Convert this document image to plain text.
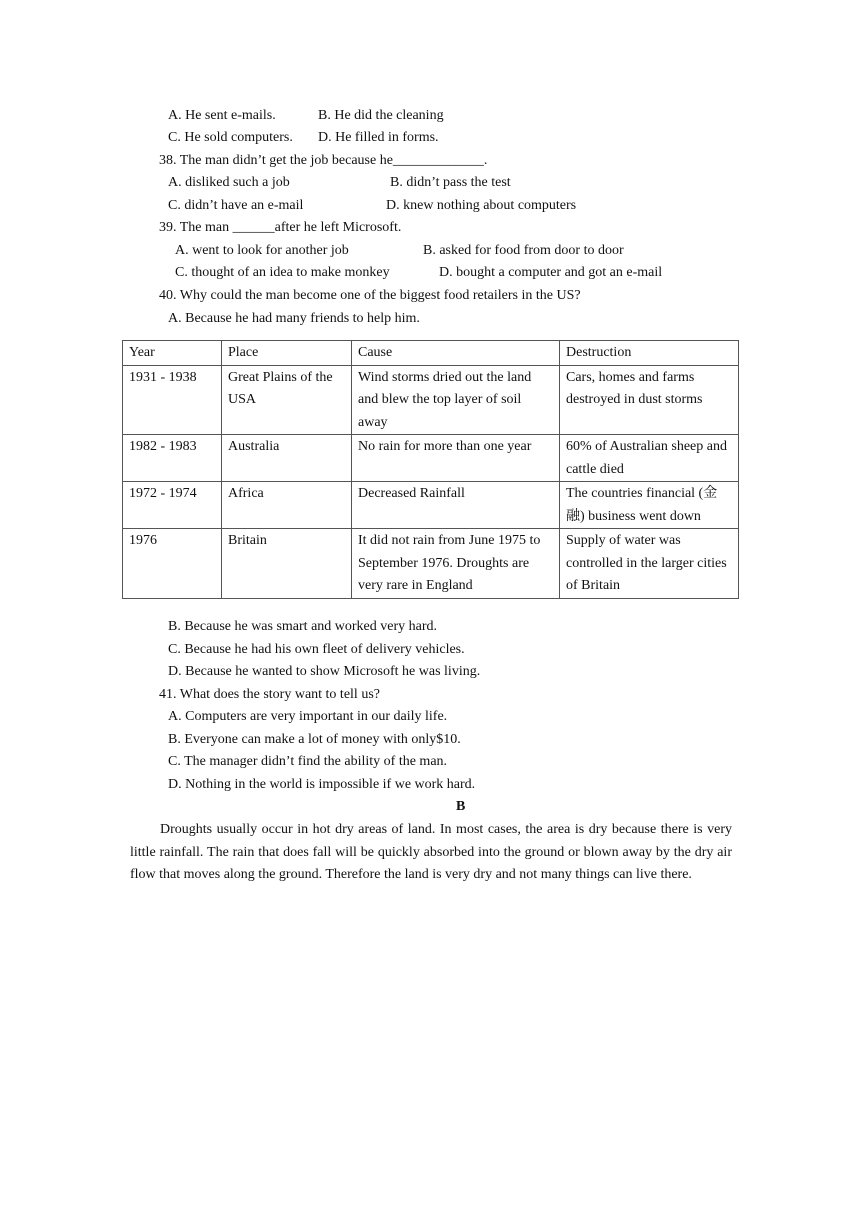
A. He sent e-mails.	B. He did the cleaning
C. He sold computers. D. He filled in forms.
38. The man didn’t get the job because he_____________.
A. disliked such a job	B. didn’t pass the test
C. didn’t have an e-mail	D. knew nothing about computers
39. The man ______after he left Microsoft.
A. went to look for another job	B. asked for food from door to door
C. thought of an idea to make monkey	D. bought a computer and got an e-mail
40. Why could the man become one of the biggest food retailers in the US?
A. Because he had many friends to help him.
Year	Place	Cause	Destruction
1931 - 1938	Great Plains of the USA	Wind storms dried out the land and blew the top layer of soil away	Cars, homes and farms destroyed in dust storms
1982 - 1983	Australia	No rain for more than one year	60% of Australian sheep and cattle died
1972 - 1974	Africa	Decreased Rainfall	The countries financial (金融) business went down
1976	Britain	It did not rain from June 1975 to September 1976. Droughts are very rare in England	Supply of water was controlled in the larger cities of Britain
B. Because he was smart and worked very hard.
C. Because he had his own fleet of delivery vehicles.
D. Because he wanted to show Microsoft he was living.
41. What does the story want to tell us?
A. Computers are very important in our daily life.
B. Everyone can make a lot of money with only$10.
C. The manager didn’t find the ability of the man.
D. Nothing in the world is impossible if we work hard.
B
Droughts usually occur in hot dry areas of land. In most cases, the area is dry because there is very little rainfall. The rain that does fall will be quickly absorbed into the ground or blown away by the dry air flow that moves along the ground. Therefore the land is very dry and not many things can live there.
